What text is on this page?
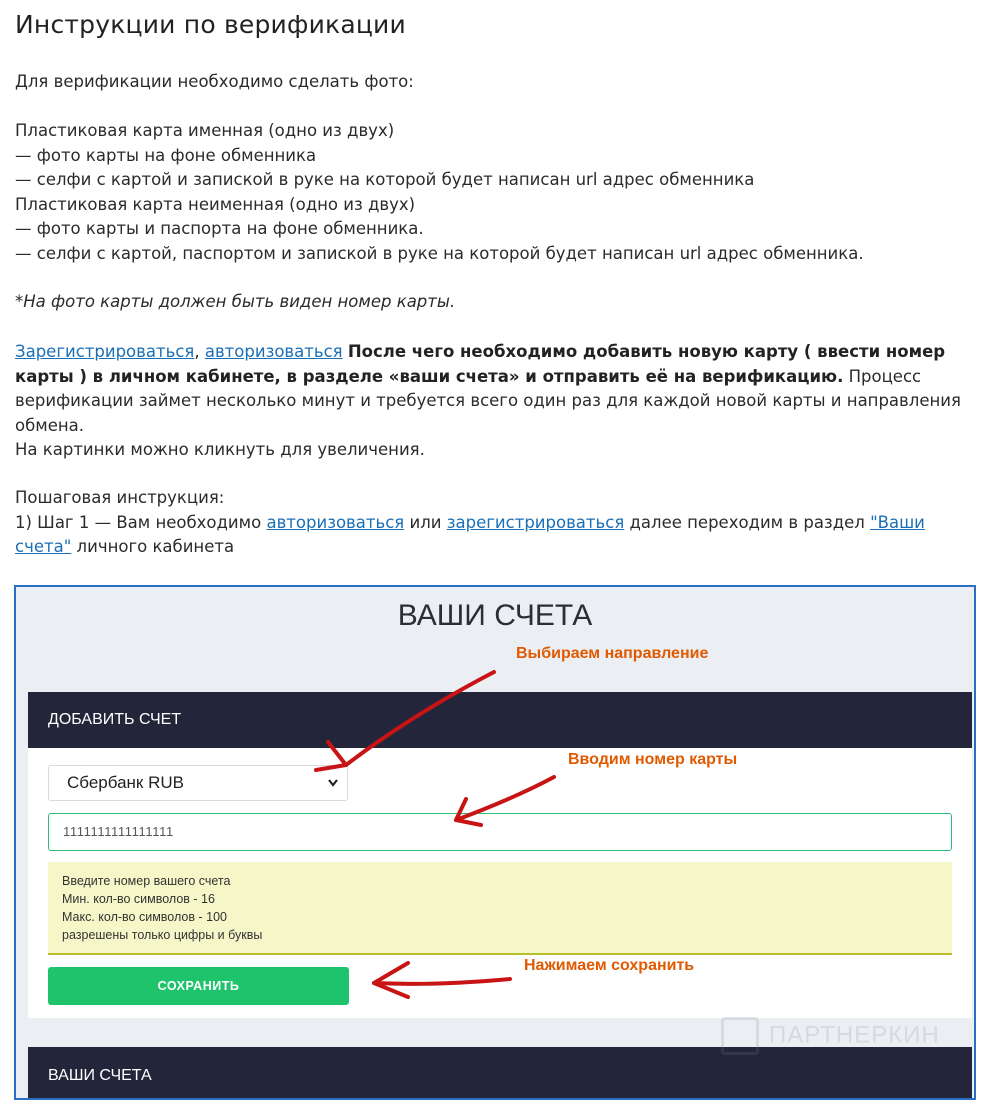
Инструкции по верификации

Для верификации необходимо сделать фото:

Пластиковая карта именная (одно из двух)
— фото карты на фоне обменника
— селфи с картой и запиской в руке на которой будет написан url адрес обменника
Пластиковая карта неименная (одно из двух)
— фото карты и паспорта на фоне обменника.
— селфи с картой, паспортом и запиской в руке на которой будет написан url адрес обменника.

*На фото карты должен быть виден номер карты.

Зарегистрироваться, авторизоваться После чего необходимо добавить новую карту ( ввести номер карты ) в личном кабинете, в разделе «ваши счета» и отправить её на верификацию. Процесс верификации займет несколько минут и требуется всего один раз для каждой новой карты и направления обмена.
На картинки можно кликнуть для увеличения.

Пошаговая инструкция:
1) Шаг 1 — Вам необходимо авторизоваться или зарегистрироваться далее переходим в раздел "Ваши счета" личного кабинета

ВАШИ СЧЕТА
ДОБАВИТЬ СЧЕТ
Сбербанк RUB
1111111111111111
Введите номер вашего счета
Мин. кол-во символов - 16
Макс. кол-во символов - 100
разрешены только цифры и буквы
СОХРАНИТЬ
ВАШИ СЧЕТА
ПАРТНЕРКИН
Выбираем направление
Вводим номер карты
Нажимаем сохранить
